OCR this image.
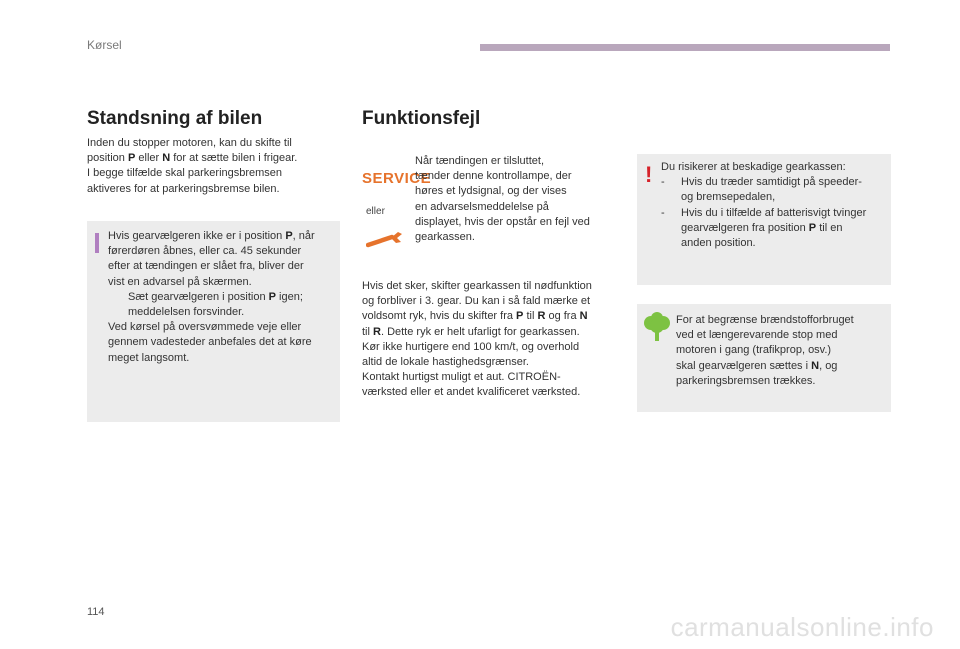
Kørsel
Standsning af bilen
Inden du stopper motoren, kan du skifte til
position P eller N for at sætte bilen i frigear.
I begge tilfælde skal parkeringsbremsen
aktiveres for at parkeringsbremse bilen.
Hvis gearvælgeren ikke er i position P, når
førerdøren åbnes, eller ca. 45 sekunder
efter at tændingen er slået fra, bliver der
vist en advarsel på skærmen.
Sæt gearvælgeren i position P igen;
meddelelsen forsvinder.
Ved kørsel på oversvømmede veje eller
gennem vadesteder anbefales det at køre
meget langsomt.
Funktionsfejl
SERVICE
eller
Når tændingen er tilsluttet,
tænder denne kontrollampe, der
høres et lydsignal, og der vises
en advarselsmeddelelse på
displayet, hvis der opstår en fejl ved
gearkassen.
Hvis det sker, skifter gearkassen til nødfunktion
og forbliver i 3. gear. Du kan i så fald mærke et
voldsomt ryk, hvis du skifter fra P til R og fra N
til R. Dette ryk er helt ufarligt for gearkassen.
Kør ikke hurtigere end 100 km/t, og overhold
altid de lokale hastighedsgrænser.
Kontakt hurtigst muligt et aut. CITROËN-
værksted eller et andet kvalificeret værksted.
! Du risikerer at beskadige gearkassen:
-	Hvis du træder samtidigt på speeder-
og bremsepedalen,
-	Hvis du i tilfælde af batterisvigt tvinger
gearvælgeren fra position P til en
anden position.
For at begrænse brændstofforbruget
ved et længerevarende stop med
motoren i gang (trafikprop, osv.)
skal gearvælgeren sættes i N, og
parkeringsbremsen trækkes.
114	carmanualsonline.info
